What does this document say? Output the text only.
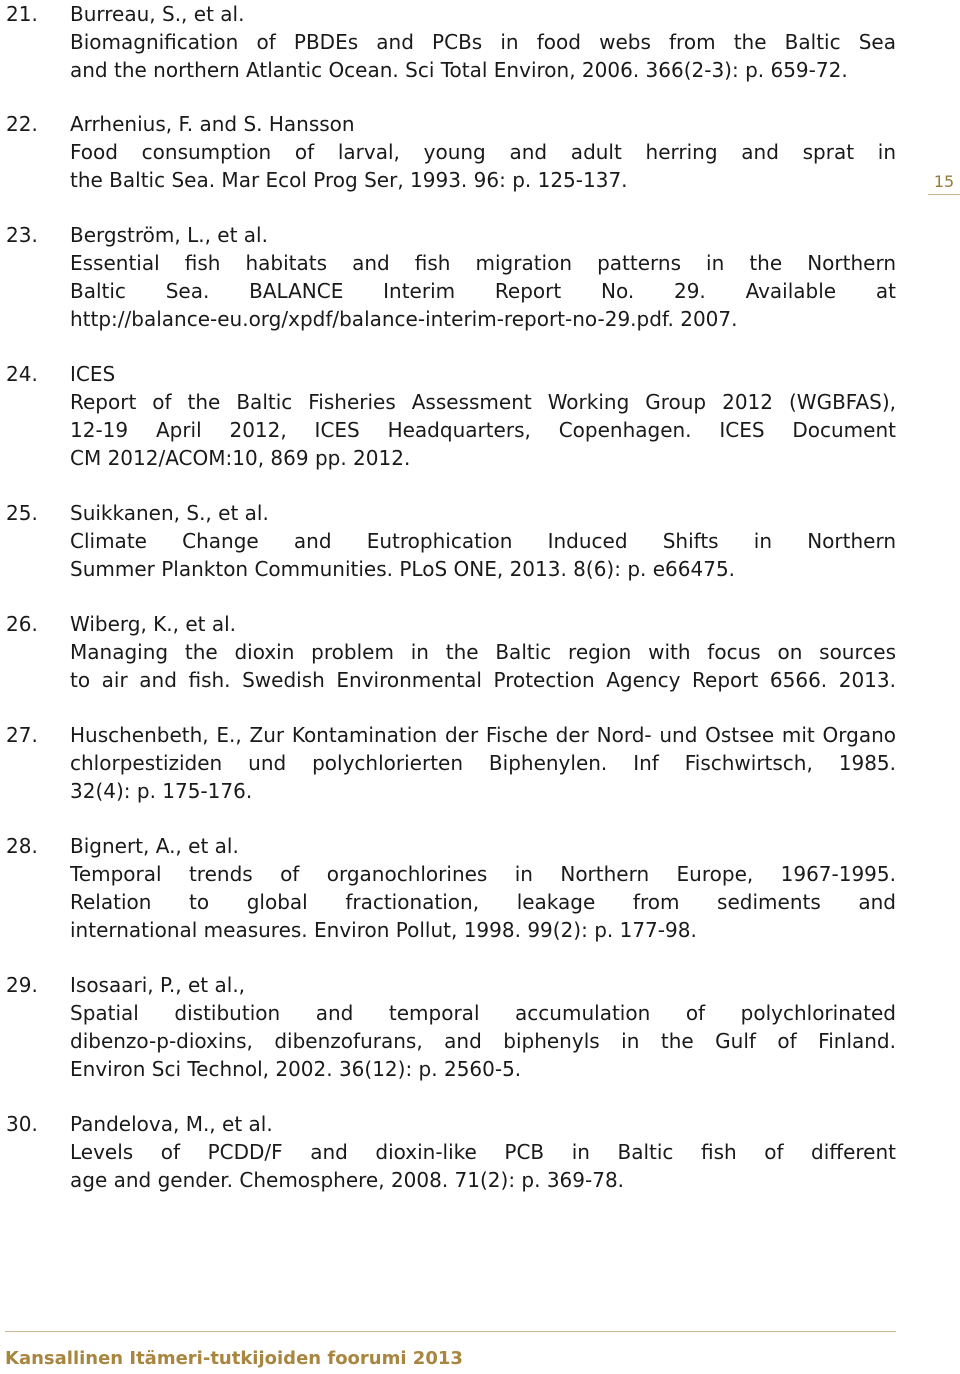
21. Burreau, S., et al.
Biomagnification of PBDEs and PCBs in food webs from the Baltic Sea
and the northern Atlantic Ocean. Sci Total Environ, 2006. 366(2-3): p. 659-72.
22. Arrhenius, F. and S. Hansson
Food consumption of larval, young and adult herring and sprat in
the Baltic Sea. Mar Ecol Prog Ser, 1993. 96: p. 125-137.
23. Bergström, L., et al.
Essential fish habitats and fish migration patterns in the Northern
Baltic Sea. BALANCE Interim Report No. 29. Available at
http://balance-eu.org/xpdf/balance-interim-report-no-29.pdf. 2007.
24. ICES
Report of the Baltic Fisheries Assessment Working Group 2012 (WGBFAS),
12-19 April 2012, ICES Headquarters, Copenhagen. ICES Document
CM 2012/ACOM:10, 869 pp. 2012.
25. Suikkanen, S., et al.
Climate Change and Eutrophication Induced Shifts in Northern
Summer Plankton Communities. PLoS ONE, 2013. 8(6): p. e66475.
26. Wiberg, K., et al.
Managing the dioxin problem in the Baltic region with focus on sources
to air and fish. Swedish Environmental Protection Agency Report 6566. 2013.
27. Huschenbeth, E., Zur Kontamination der Fische der Nord- und Ostsee mit Organo
chlorpestiziden und polychlorierten Biphenylen. Inf Fischwirtsch, 1985.
32(4): p. 175-176.
28. Bignert, A., et al.
Temporal trends of organochlorines in Northern Europe, 1967-1995.
Relation to global fractionation, leakage from sediments and
international measures. Environ Pollut, 1998. 99(2): p. 177-98.
29. Isosaari, P., et al.,
Spatial distibution and temporal accumulation of polychlorinated
dibenzo-p-dioxins, dibenzofurans, and biphenyls in the Gulf of Finland.
Environ Sci Technol, 2002. 36(12): p. 2560-5.
30. Pandelova, M., et al.
Levels of PCDD/F and dioxin-like PCB in Baltic fish of different
age and gender. Chemosphere, 2008. 71(2): p. 369-78.
15
Kansallinen Itämeri-tutkijoiden foorumi 2013
